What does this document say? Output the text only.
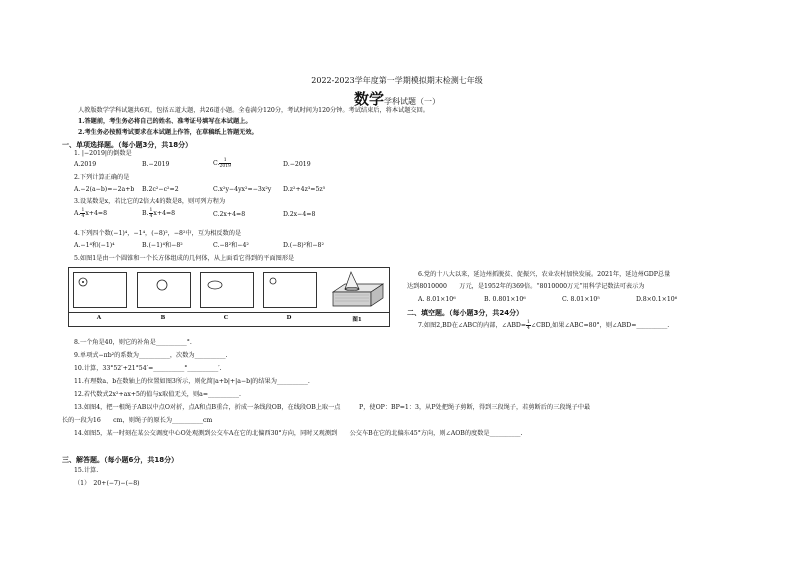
2022-2023学年度第一学期模拟期末检测七年级
数学学科试题（一）
人教版数学学科试题共6页，包括五道大题，共26道小题。全卷满分120分，考试时间为120分钟。考试结束后，将本试题交回。
1.答题前，考生务必将自己的姓名、准考证号填写在本试题上。
2.考生务必按照考试要求在本试题上作答，在草稿纸上答题无效。
一、单项选择题。（每小题3分，共18分）
1. |−2019|的倒数是
A.2019	B.−2019	C. $\frac{1}{2019}$	D.−2019
2.下列计算正确的是
A.−2(a−b)=−2a+b B.2c²−c²=2	C.x²y−4yx²=−3x²y D.z²+4z³=5z⁵
3.设某数是x，若比它的2倍大4的数是8，则可列方程为
A. $\frac{1}{4} x+4=8$	B. $\frac{1}{4} x+4=8$	C.2x+4=8	D.2x−4=8
4.下列四个数(−1)⁴，−1⁴，(−8)²，−8²中，互为相反数的是
A.−1⁴和(−1)⁴	B.(−1)⁴和−8²	C.−8²和−4²	D.(−8)²和−8²
5.如图1是由一个圆锥和一个长方体组成的几何体，从上面看它得到的平面图形是
A	B	C	D	图1
6.党的十八大以来，延边州抓脱贫、促振兴，农业农村加快发展。2021年，延边州GDP总量
达到8010000　　万元，是1952年的369倍。“8010000万元”用科学记数法可表示为
A. 8.01×10⁶	B. 0.801×10⁶	C. 8.01×10⁵	D.8×0.1×10⁶
二、填空题。（每小题3分，共24分）
7.如图2,BD在∠ABC的内部，∠ABD= $\frac{1}{4}$ ∠CBD,如果∠ABC=80°，则∠ABD=__________.
8.一个角是40，则它的补角是__________°.
9.单项式−πb²的系数为__________，次数为__________.
10.计算，33°52′+21°54′=__________°__________′.
11.有理数a、b在数轴上的位置如图3所示，则化简|a+b|+|a−b|的结果为__________.
12.若代数式2x²+ax+5的值与x取值无关，则a=__________.
13.如图4，把一根绳子AB以中点O对折，点A和点B重合，折成一条线段OB，在线段OB上取一点　　　P，使OP：BP=1：3，从P处把绳子剪断，得到三段绳子，若剪断后的三段绳子中最
长的一段为16　　cm，则绳子的原长为__________cm
14.如图5，某一时刻在某公交调度中心O处观测到公交车A在它的北偏西30°方向，同时又观测到　　公交车B在它的北偏东45°方向，则∠AOB的度数是__________.
三、解答题。（每小题6分，共18分）
15.计算.
（1）　20+(−7)−(−8)
